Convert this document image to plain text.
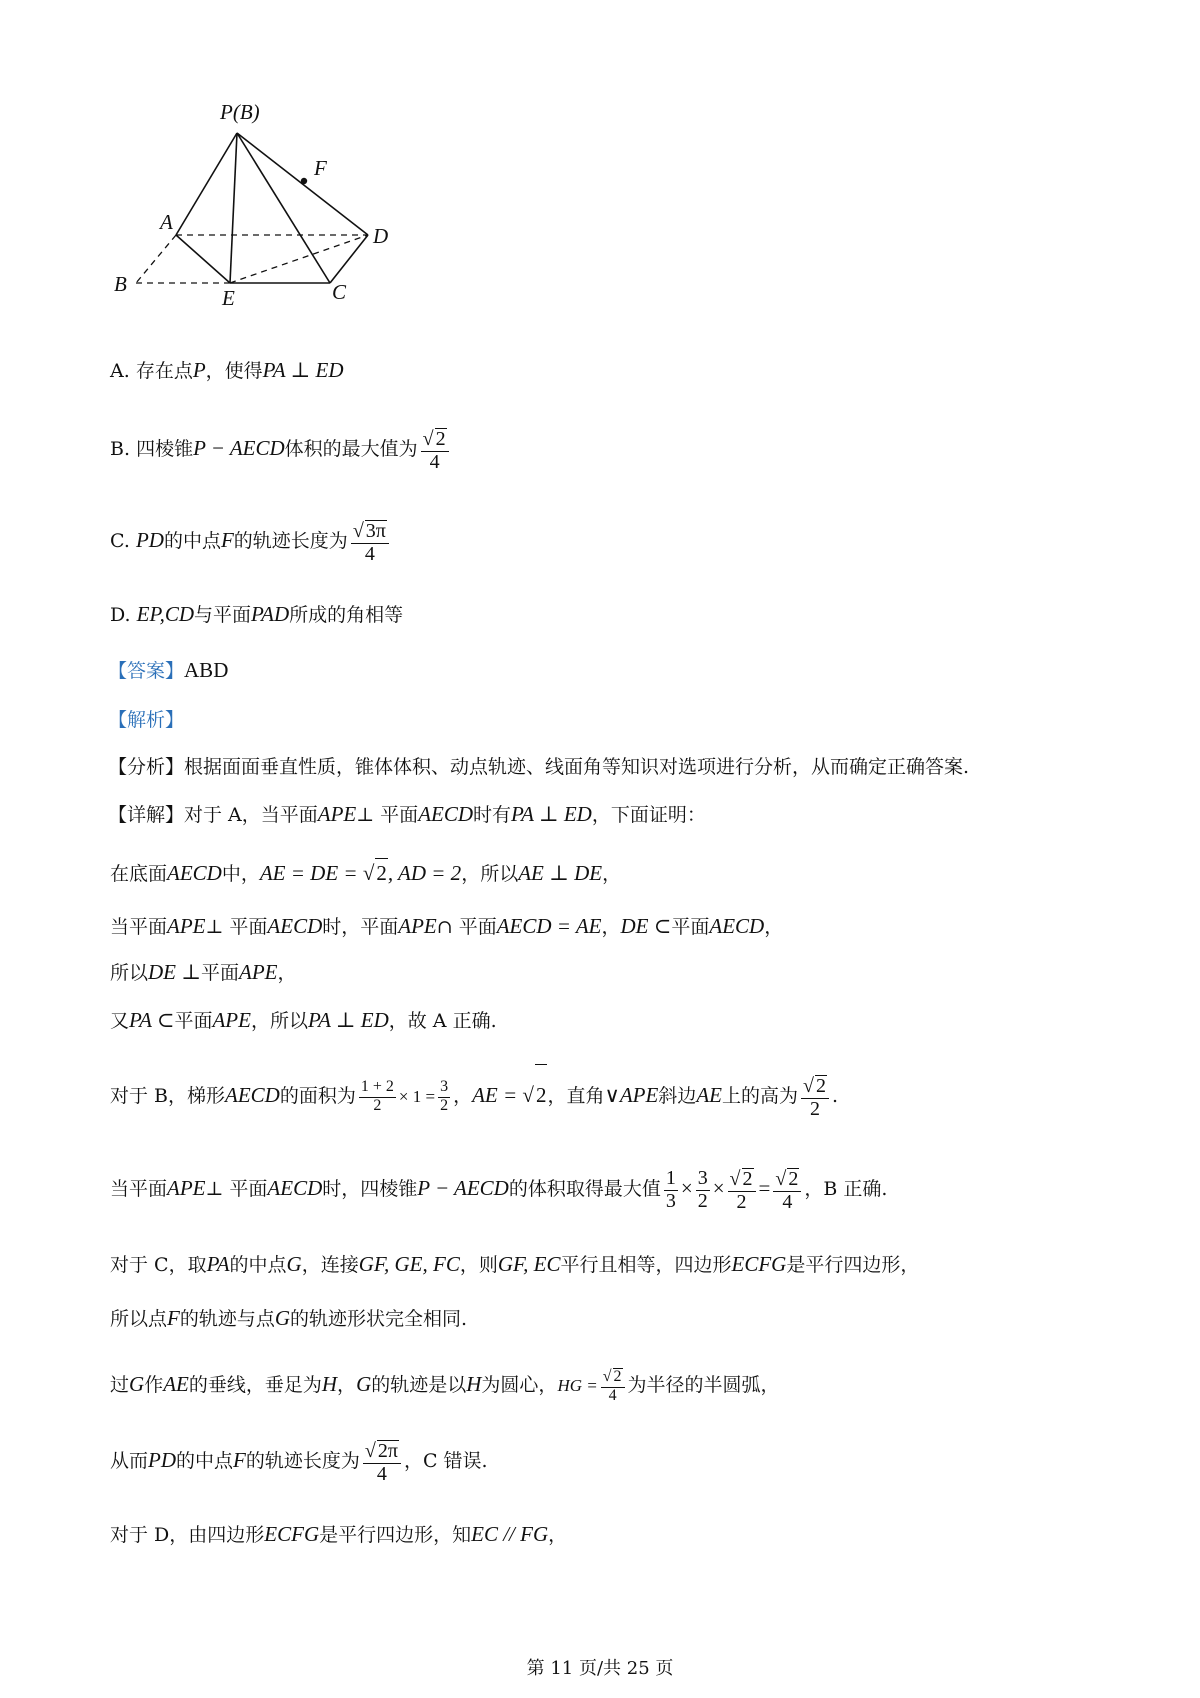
P(B)
F
A
D
B
E	C
A. 存在点P，使得PA ⊥ ED
B. 四棱锥P − AECD体积的最大值为 $\frac{√ 2}{4}$
C. PD的中点F的轨迹长度为 $\frac{√ 3\pi}{4}$
D. EP,CD与平面PAD所成的角相等
【答案】ABD
【解析】
【分析】根据面面垂直性质，锥体体积、动点轨迹、线面角等知识对选项进行分析，从而确定正确答案.
【详解】对于 A，当平面APE⊥ 平面AECD时有PA ⊥ ED，下面证明：
在底面AECD中，AE = DE = √2, AD = 2，所以AE ⊥ DE，
当平面APE⊥ 平面AECD时，平面APE∩ 平面AECD = AE，DE ⊂平面AECD，
所以DE ⊥平面APE，
又PA ⊂平面APE，所以PA ⊥ ED，故 A 正确.
对于 B，梯形AECD的面积为 $\frac{1 + 2}{2} \times 1 = \frac{3}{2}$ ，AE = √2，直角∨APE斜边AE上的高为 $\frac{√ 2}{2}$ .
当平面APE⊥ 平面AECD时，四棱锥P − AECD的体积取得最大值 $\frac{1}{3} \times \frac{3}{2} \times \frac{√ 2}{2} = \frac{√ 2}{4}$ ，B 正确.
对于 C，取PA的中点G，连接GF, GE, FC，则GF, EC平行且相等，四边形ECFG是平行四边形，
所以点F的轨迹与点G的轨迹形状完全相同.
过G作AE的垂线，垂足为H，G的轨迹是以H为圆心，HG = $\frac{√ 2}{4}$ 为半径的半圆弧，
从而PD的中点F的轨迹长度为 $\frac{√ 2\pi}{4}$ ，C 错误.
对于 D，由四边形ECFG是平行四边形，知EC // FG，
第 11 页/共 25 页
